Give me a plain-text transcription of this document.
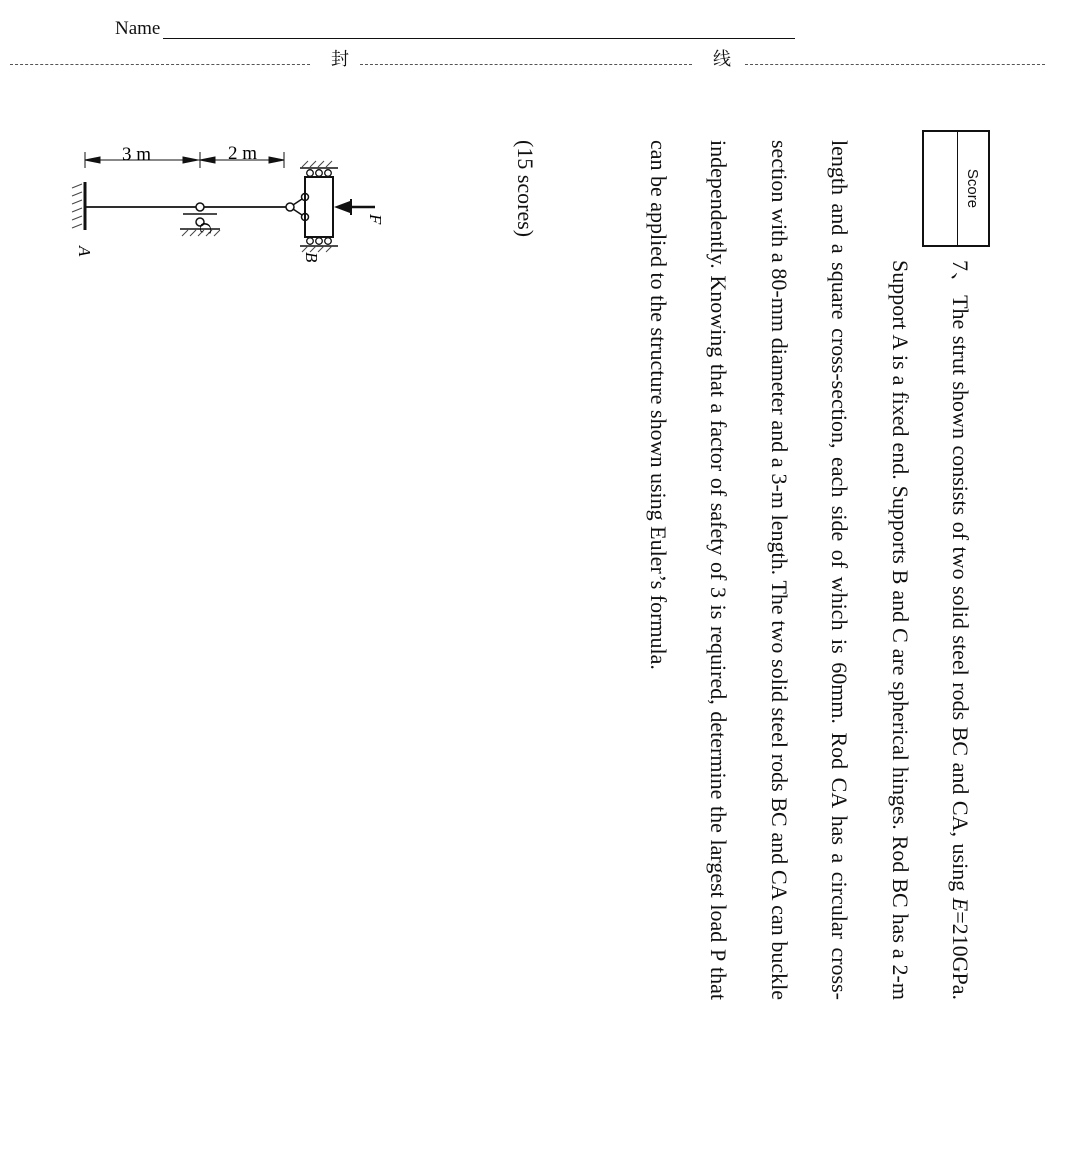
Name
封	线
Score
7、The strut shown consists of two solid steel rods BC and CA, using E=210GPa. Support A is a fixed end. Supports B and C are spherical hinges. Rod BC has a 2-m length and a square cross-section, each side of which is 60mm. Rod CA has a circular cross-section with a 80-mm diameter and a 3-m length. The two solid steel rods BC and CA can buckle independently. Knowing that a factor of safety of 3 is required, determine the largest load P that can be applied to the structure shown using Euler’s formula.
(15 scores)
3 m	2 m
C
F
A
B
